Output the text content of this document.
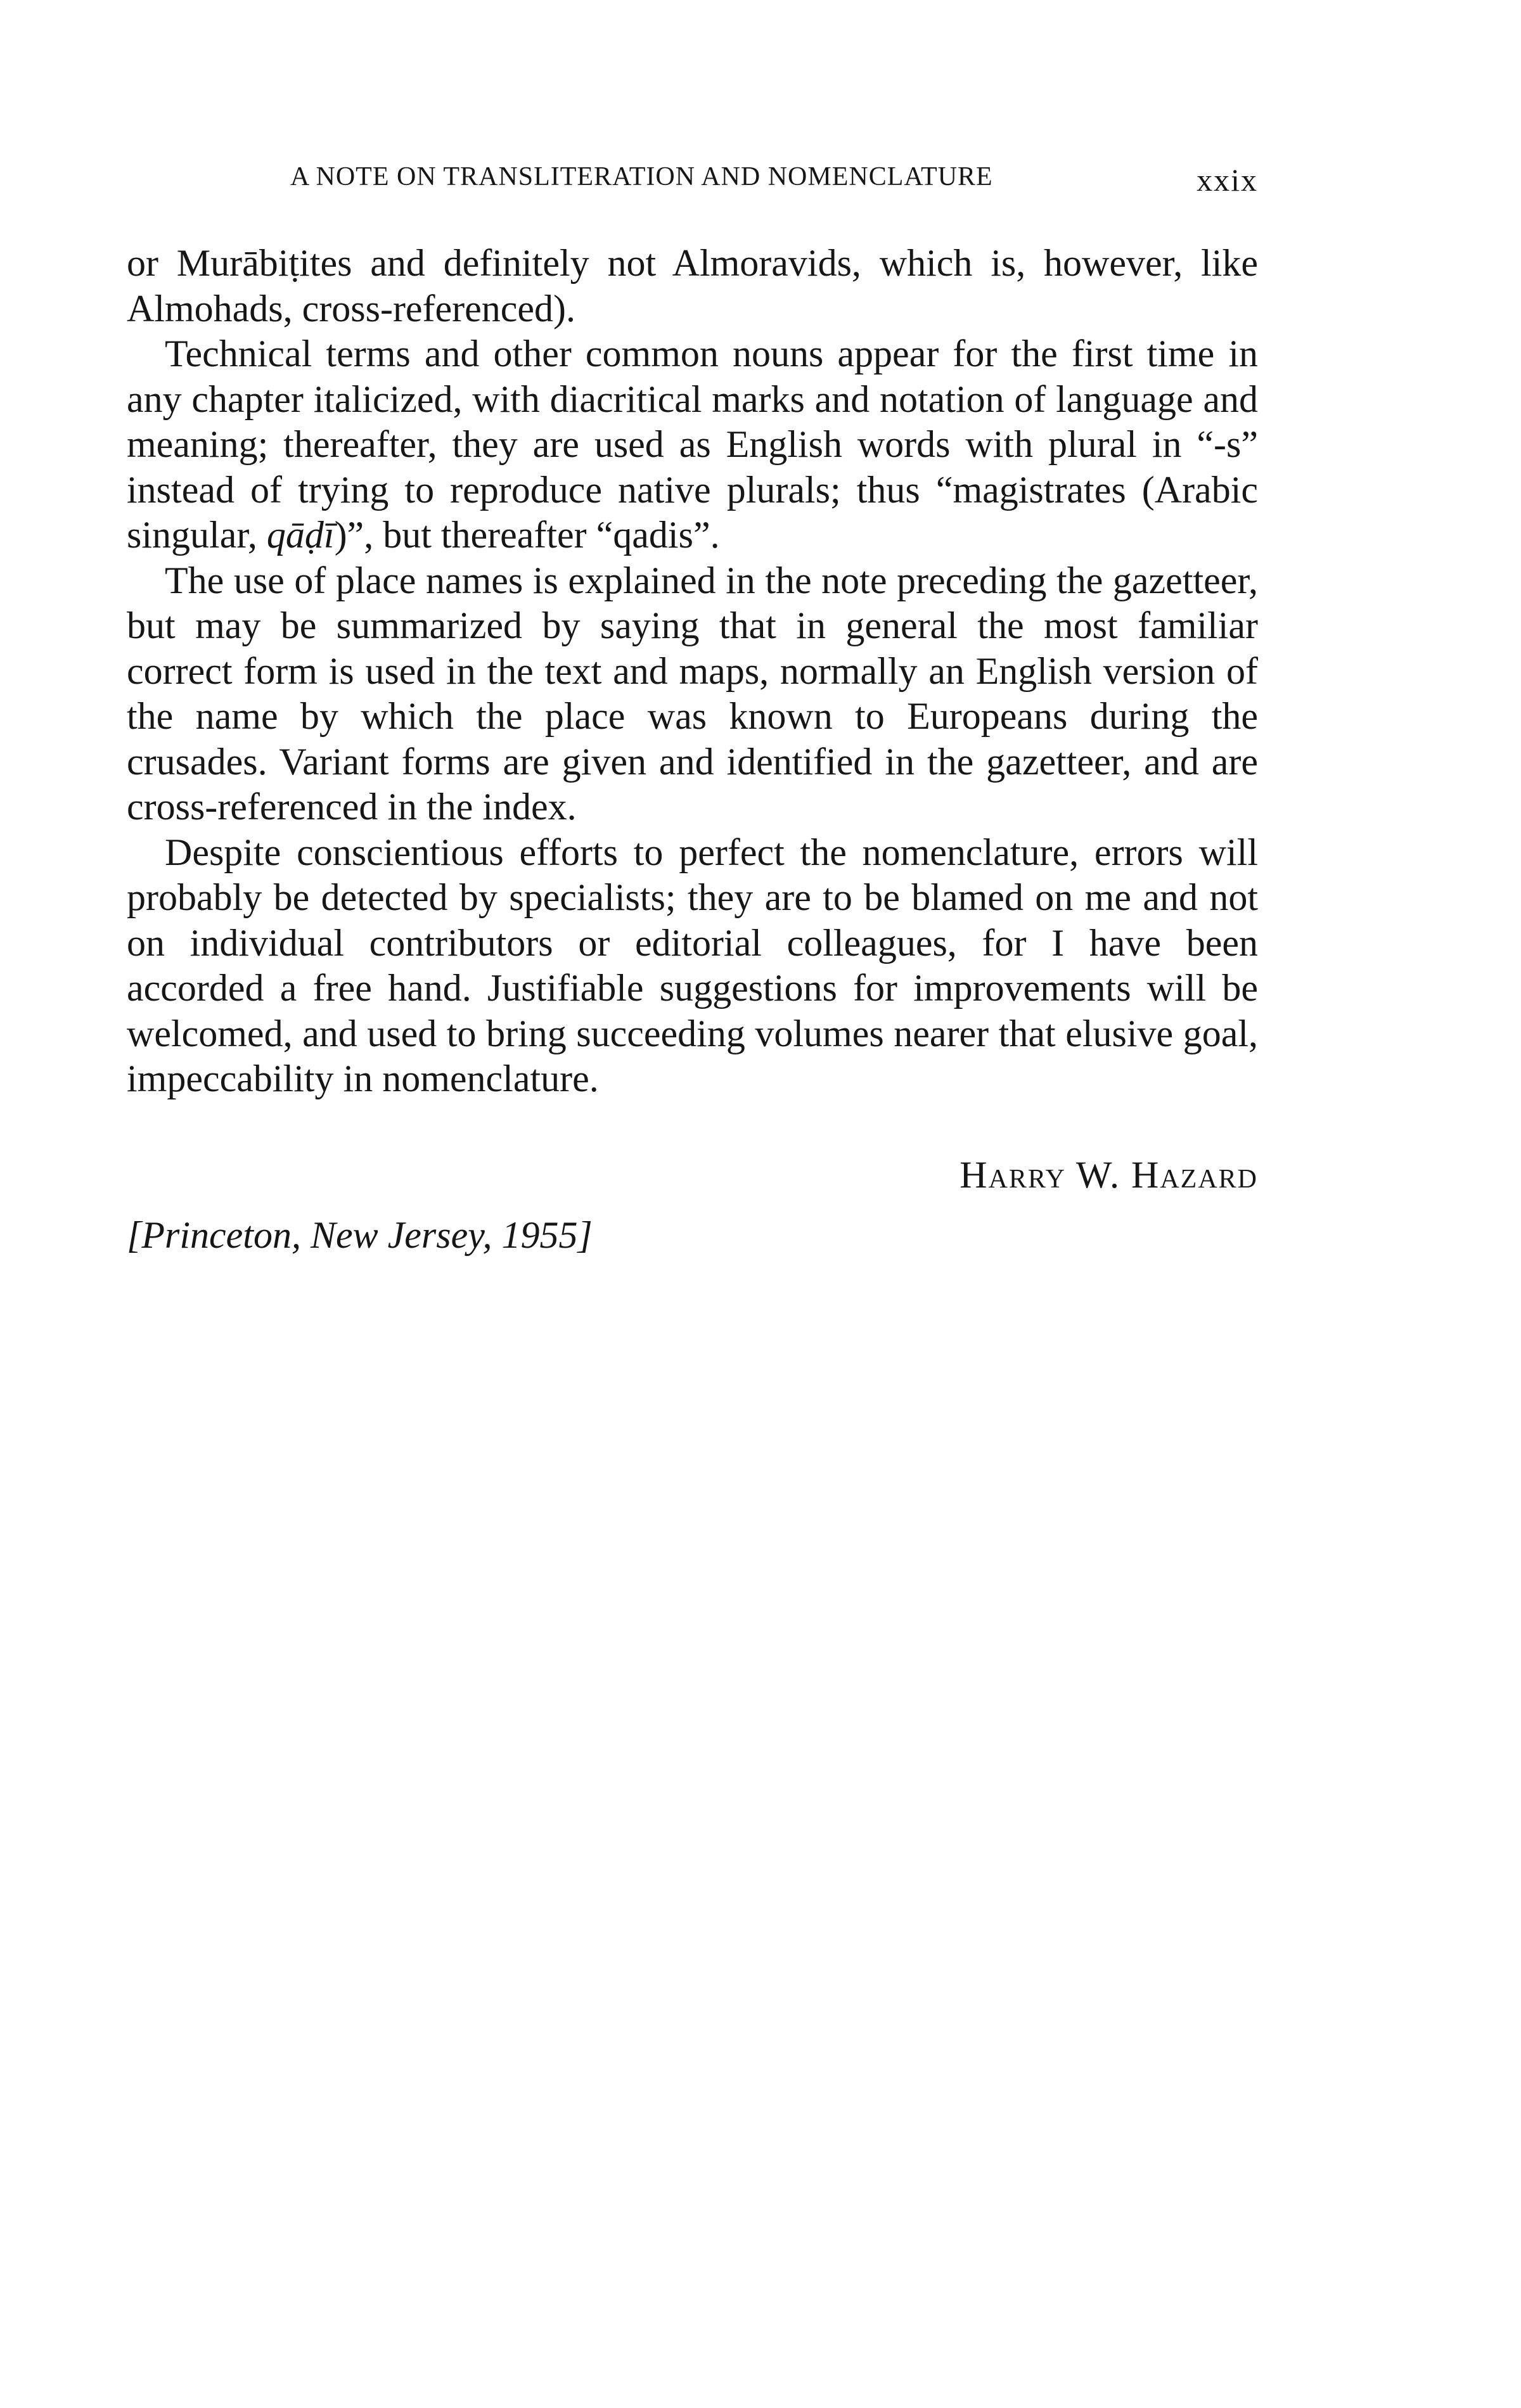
A NOTE ON TRANSLITERATION AND NOMENCLATURE	xxix

or Murābiṭites and definitely not Almoravids, which is, however, like Almohads, cross-referenced).

Technical terms and other common nouns appear for the first time in any chapter italicized, with diacritical marks and notation of language and meaning; thereafter, they are used as English words with plural in “-s” instead of trying to reproduce native plurals; thus “magistrates (Arabic singular, qāḍī)”, but thereafter “qadis”.

The use of place names is explained in the note preceding the gazetteer, but may be summarized by saying that in general the most familiar correct form is used in the text and maps, normally an English version of the name by which the place was known to Europeans during the crusades. Variant forms are given and identified in the gazetteer, and are cross-referenced in the index.

Despite conscientious efforts to perfect the nomenclature, errors will probably be detected by specialists; they are to be blamed on me and not on individual contributors or editorial colleagues, for I have been accorded a free hand. Justifiable suggestions for improvements will be welcomed, and used to bring succeeding volumes nearer that elusive goal, impeccability in nomenclature.

Harry W. Hazard
[Princeton, New Jersey, 1955]
